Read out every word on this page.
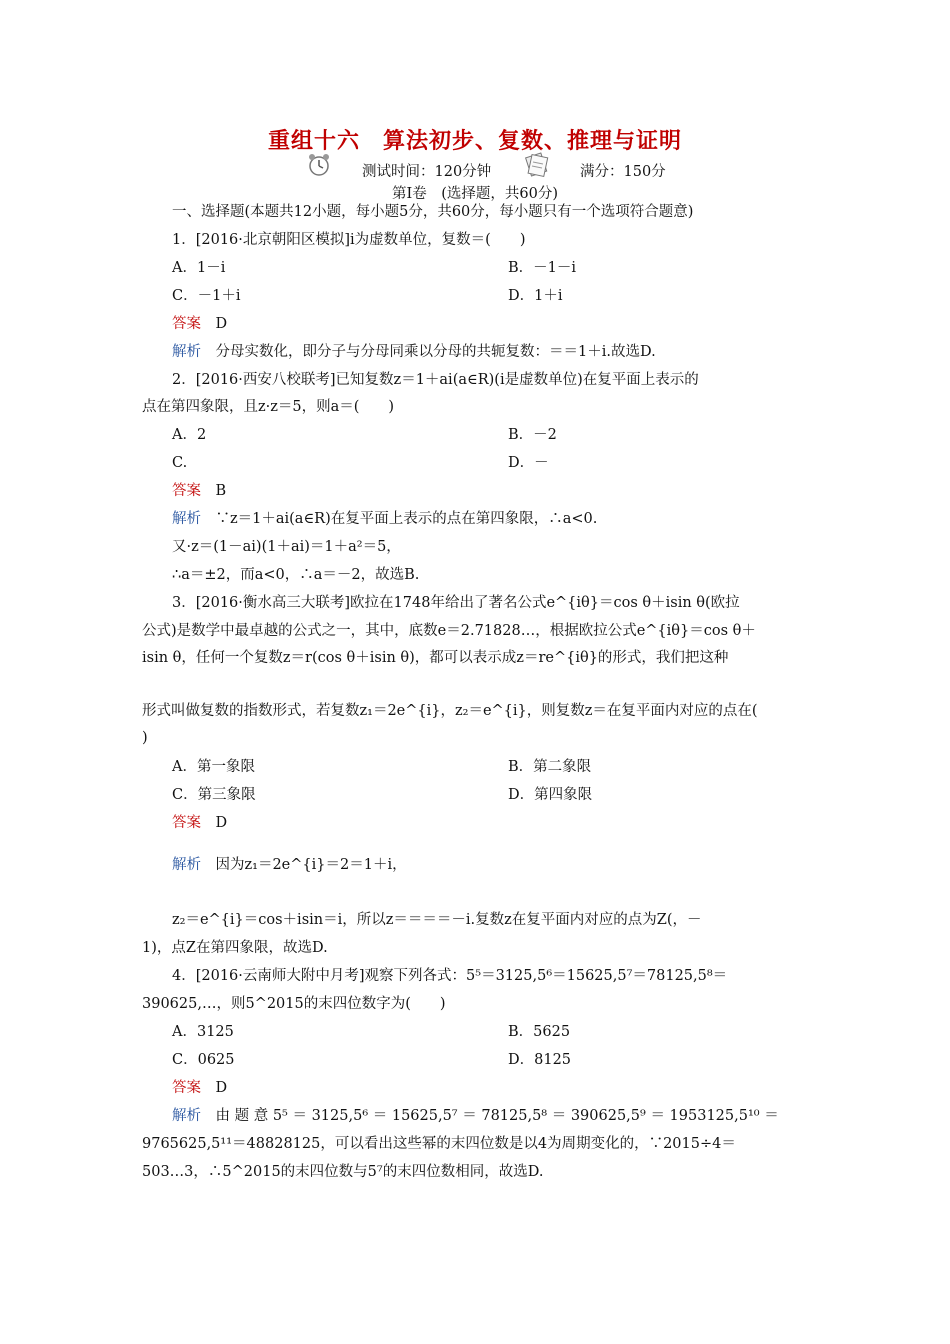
重组十六　算法初步、复数、推理与证明
测试时间：120分钟	满分：150分
第Ⅰ卷　(选择题，共60分)
一、选择题(本题共12小题，每小题5分，共60分，每小题只有一个选项符合题意)
1．[2016·北京朝阳区模拟]i为虚数单位，复数＝(　　)
A．1－i	B．－1－i
C．－1＋i	D．1＋i
答案　 D
解析　 分母实数化，即分子与分母同乘以分母的共轭复数：＝＝1＋i.故选D.
2．[2016·西安八校联考]已知复数z＝1＋ai(a∈R)(i是虚数单位)在复平面上表示的
点在第四象限，且z·z＝5，则a＝(　　)
A．2	B．－2
C.	D．－
答案　 B
解析　 ∵z＝1＋ai(a∈R)在复平面上表示的点在第四象限，∴a<0.
又·z＝(1－ai)(1＋ai)＝1＋a²＝5，
∴a＝±2，而a<0，∴a＝－2，故选B.
3．[2016·衡水高三大联考]欧拉在1748年给出了著名公式e^{iθ}＝cos θ＋isin θ(欧拉
公式)是数学中最卓越的公式之一，其中，底数e＝2.71828…，根据欧拉公式e^{iθ}＝cos θ＋
isin θ，任何一个复数z＝r(cos θ＋isin θ)，都可以表示成z＝re^{iθ}的形式，我们把这种
形式叫做复数的指数形式，若复数z₁＝2e^{i}，z₂＝e^{i}，则复数z＝在复平面内对应的点在(
)
A．第一象限	B．第二象限
C．第三象限	D．第四象限
答案　 D
解析　 因为z₁＝2e^{i}＝2＝1＋i，
z₂＝e^{i}＝cos＋isin＝i，所以z＝＝＝＝－i.复数z在复平面内对应的点为Z(，－
1)，点Z在第四象限，故选D.
4．[2016·云南师大附中月考]观察下列各式：5⁵＝3125,5⁶＝15625,5⁷＝78125,5⁸＝
390625,…，则5^2015的末四位数字为(　　)
A．3125	B．5625
C．0625	D．8125
答案　 D
解析　 由 题 意 5⁵ ＝ 3125,5⁶ ＝ 15625,5⁷ ＝ 78125,5⁸ ＝ 390625,5⁹ ＝ 1953125,5¹⁰ ＝
9765625,5¹¹＝48828125，可以看出这些幂的末四位数是以4为周期变化的，∵2015÷4＝
503…3，∴5^2015的末四位数与5⁷的末四位数相同，故选D.
